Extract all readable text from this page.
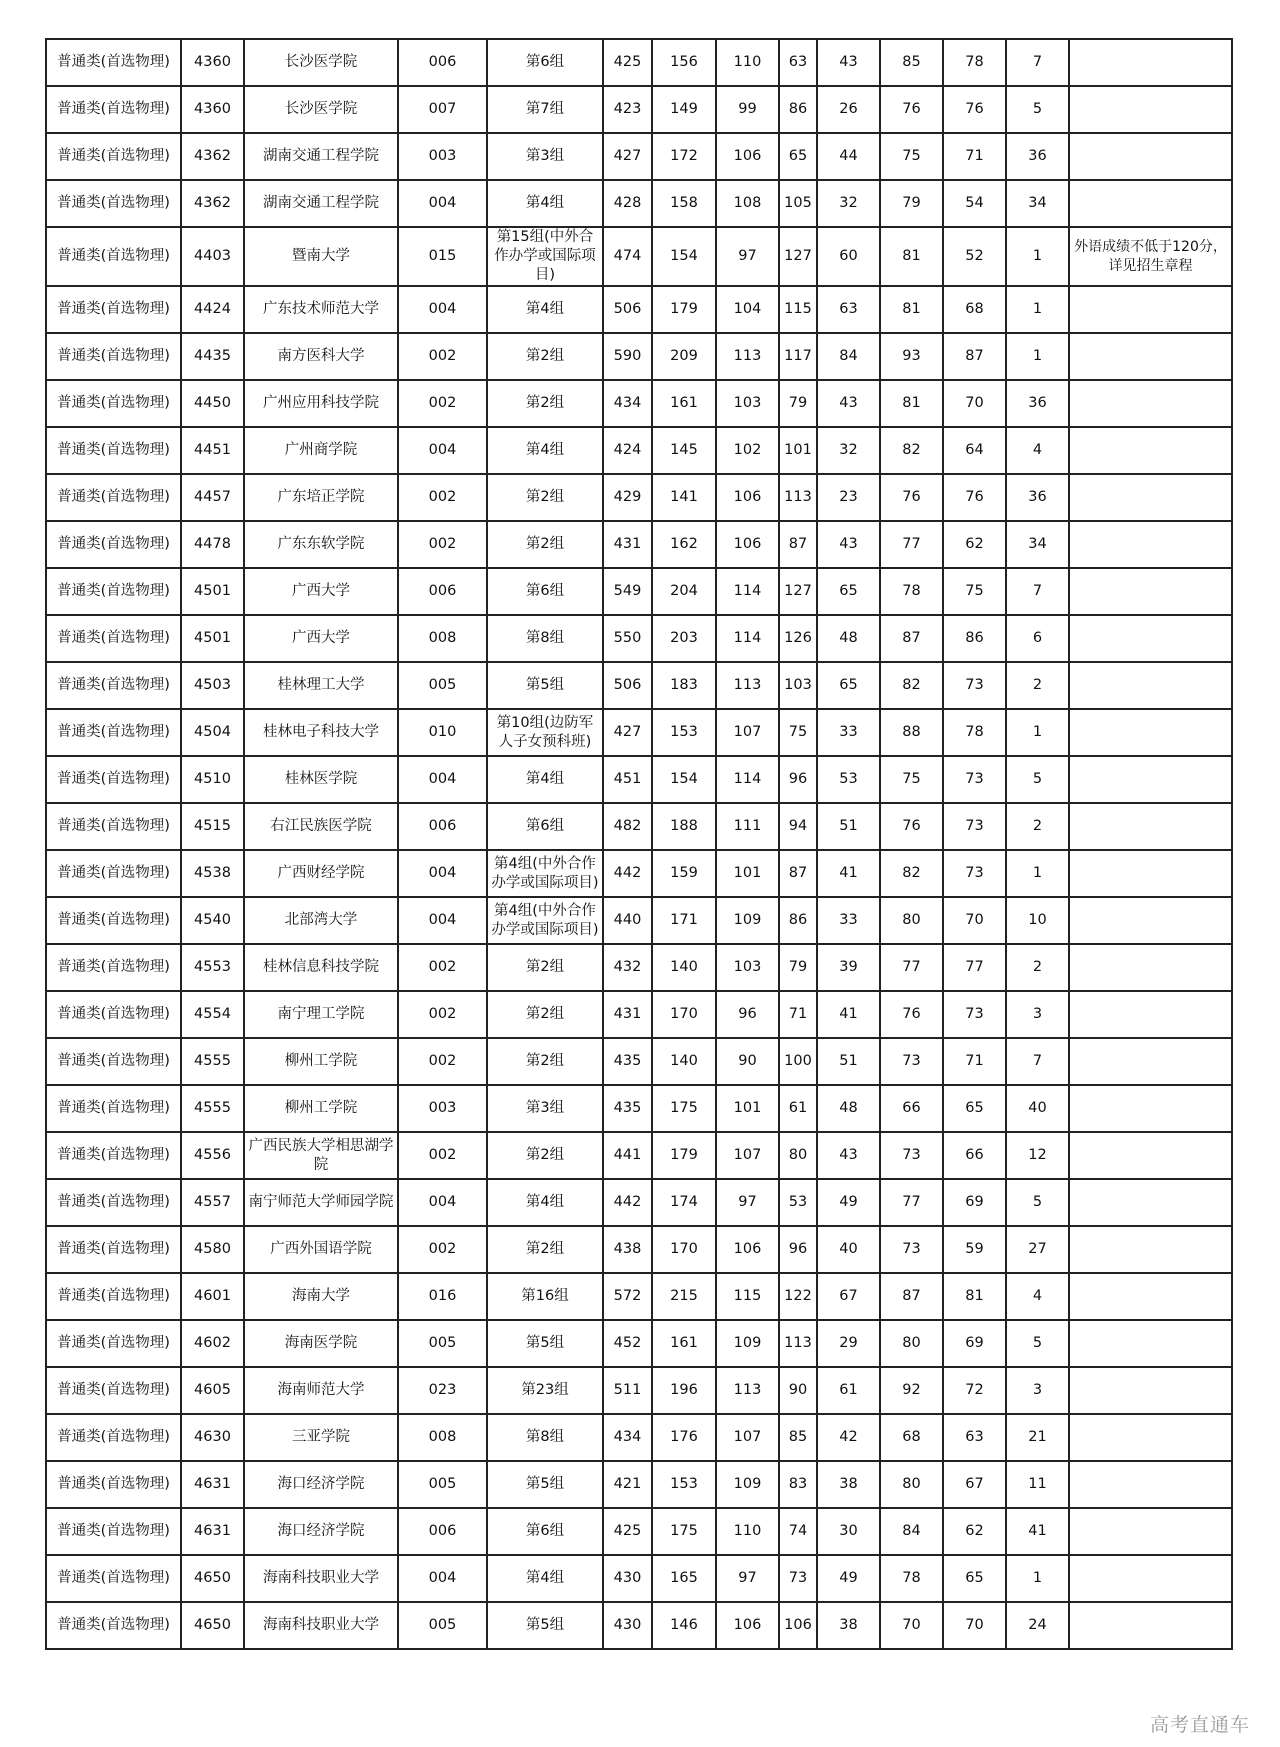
普通类(首选物理)	4360	长沙医学院	006	第6组	425	156	110	63	43	85	78	7	
普通类(首选物理)	4360	长沙医学院	007	第7组	423	149	99	86	26	76	76	5	
普通类(首选物理)	4362	湖南交通工程学院	003	第3组	427	172	106	65	44	75	71	36	
普通类(首选物理)	4362	湖南交通工程学院	004	第4组	428	158	108	105	32	79	54	34	
普通类(首选物理)	4403	暨南大学	015	第15组(中外合作办学或国际项目)	474	154	97	127	60	81	52	1	外语成绩不低于120分，详见招生章程
普通类(首选物理)	4424	广东技术师范大学	004	第4组	506	179	104	115	63	81	68	1	
普通类(首选物理)	4435	南方医科大学	002	第2组	590	209	113	117	84	93	87	1	
普通类(首选物理)	4450	广州应用科技学院	002	第2组	434	161	103	79	43	81	70	36	
普通类(首选物理)	4451	广州商学院	004	第4组	424	145	102	101	32	82	64	4	
普通类(首选物理)	4457	广东培正学院	002	第2组	429	141	106	113	23	76	76	36	
普通类(首选物理)	4478	广东东软学院	002	第2组	431	162	106	87	43	77	62	34	
普通类(首选物理)	4501	广西大学	006	第6组	549	204	114	127	65	78	75	7	
普通类(首选物理)	4501	广西大学	008	第8组	550	203	114	126	48	87	86	6	
普通类(首选物理)	4503	桂林理工大学	005	第5组	506	183	113	103	65	82	73	2	
普通类(首选物理)	4504	桂林电子科技大学	010	第10组(边防军人子女预科班)	427	153	107	75	33	88	78	1	
普通类(首选物理)	4510	桂林医学院	004	第4组	451	154	114	96	53	75	73	5	
普通类(首选物理)	4515	右江民族医学院	006	第6组	482	188	111	94	51	76	73	2	
普通类(首选物理)	4538	广西财经学院	004	第4组(中外合作办学或国际项目)	442	159	101	87	41	82	73	1	
普通类(首选物理)	4540	北部湾大学	004	第4组(中外合作办学或国际项目)	440	171	109	86	33	80	70	10	
普通类(首选物理)	4553	桂林信息科技学院	002	第2组	432	140	103	79	39	77	77	2	
普通类(首选物理)	4554	南宁理工学院	002	第2组	431	170	96	71	41	76	73	3	
普通类(首选物理)	4555	柳州工学院	002	第2组	435	140	90	100	51	73	71	7	
普通类(首选物理)	4555	柳州工学院	003	第3组	435	175	101	61	48	66	65	40	
普通类(首选物理)	4556	广西民族大学相思湖学院	002	第2组	441	179	107	80	43	73	66	12	
普通类(首选物理)	4557	南宁师范大学师园学院	004	第4组	442	174	97	53	49	77	69	5	
普通类(首选物理)	4580	广西外国语学院	002	第2组	438	170	106	96	40	73	59	27	
普通类(首选物理)	4601	海南大学	016	第16组	572	215	115	122	67	87	81	4	
普通类(首选物理)	4602	海南医学院	005	第5组	452	161	109	113	29	80	69	5	
普通类(首选物理)	4605	海南师范大学	023	第23组	511	196	113	90	61	92	72	3	
普通类(首选物理)	4630	三亚学院	008	第8组	434	176	107	85	42	68	63	21	
普通类(首选物理)	4631	海口经济学院	005	第5组	421	153	109	83	38	80	67	11	
普通类(首选物理)	4631	海口经济学院	006	第6组	425	175	110	74	30	84	62	41	
普通类(首选物理)	4650	海南科技职业大学	004	第4组	430	165	97	73	49	78	65	1	
普通类(首选物理)	4650	海南科技职业大学	005	第5组	430	146	106	106	38	70	70	24	
高考直通车
